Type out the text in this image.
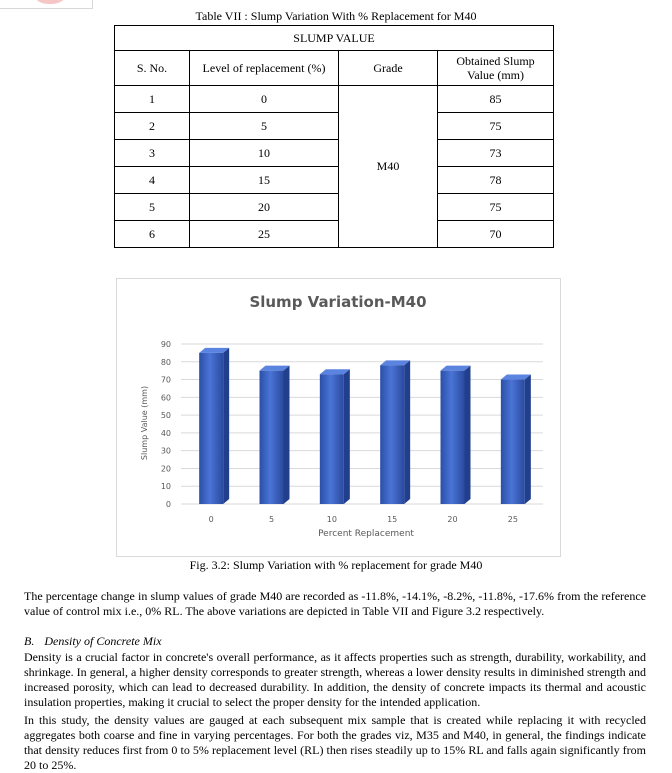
Table VII : Slump Variation With % Replacement for M40
SLUMP VALUE			
S. No.	Level of replacement (%)	Grade	Obtained Slump Value (mm)
1	0	M40	85
2	5		75
3	10		73
4	15		78
5	20		75
6	25		70
Slump Variation-M40
0
10
20
30
40
50
60
70
80
90
0	5	10	15	20	25
Percent Replacement
Slump Value (mm)
Fig. 3.2: Slump Variation with % replacement for grade M40

The percentage change in slump values of grade M40 are recorded as -11.8%, -14.1%, -8.2%, -11.8%, -17.6% from the reference value of control mix i.e., 0% RL. The above variations are depicted in Table VII and Figure 3.2 respectively.

B. Density of Concrete Mix

Density is a crucial factor in concrete's overall performance, as it affects properties such as strength, durability, workability, and shrinkage. In general, a higher density corresponds to greater strength, whereas a lower density results in diminished strength and increased porosity, which can lead to decreased durability. In addition, the density of concrete impacts its thermal and acoustic insulation properties, making it crucial to select the proper density for the intended application.

In this study, the density values are gauged at each subsequent mix sample that is created while replacing it with recycled aggregates both coarse and fine in varying percentages. For both the grades viz, M35 and M40, in general, the findings indicate that density reduces first from 0 to 5% replacement level (RL) then rises steadily up to 15% RL and falls again significantly from 20 to 25%.
